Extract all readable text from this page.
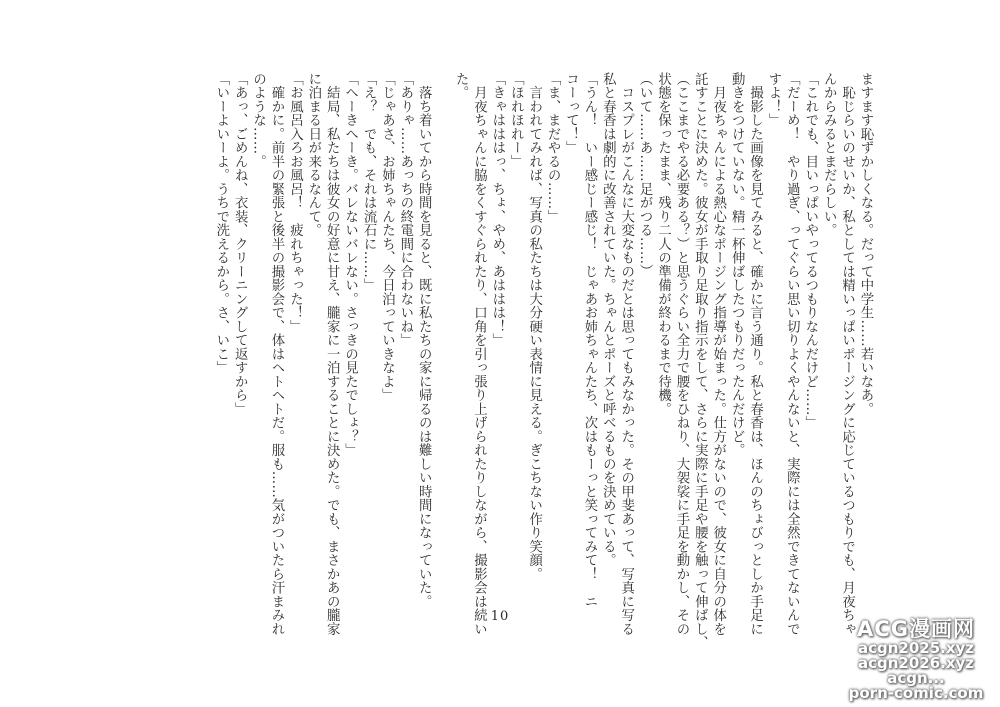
ますます恥ずかしくなる。だって中学生……若いなあ。
　恥じらいのせいか、私としては精いっぱいポージングに応じているつもりでも、月夜ちゃ
んからみるとまだらしい。
「これでも、目いっぱいやってるつもりなんだけど……」
「だーめ！　やり過ぎ、ってぐらい思い切りよくやんないと、実際には全然できてないんで
すよ！」
　撮影した画像を見てみると、確かに言う通り。私と春香は、ほんのちょびっとしか手足に
動きをつけていない。精一杯伸ばしたつもりだったんだけど。
　月夜ちゃんによる熱心なポージング指導が始まった。仕方がないので、彼女に自分の体を
託すことに決めた。彼女が手取り足取り指示をして、さらに実際に手足や腰を触って伸ばし、
（ここまでやる必要ある？）と思うぐらい全力で腰をひねり、大袈裟に手足を動かし、その
状態を保ったまま、残り二人の準備が終わるまで待機。
（いて……あ……足がつる……）
　コスプレがこんなに大変なものだとは思ってもみなかった。その甲斐あって、写真に写る
私と春香は劇的に改善されていた。ちゃんとポーズと呼べるものを決めている。
「うん！　いー感じー感じ！　じゃあお姉ちゃんたち、次はもーっと笑ってみて！　ニ
コーって！」
「ま、まだやるの……」
　言われてみれば、写真の私たちは大分硬い表情に見える。ぎこちない作り笑顔。
「ほれほれー」
「きゃはははっ、ちょ、やめ、あははは！」
　月夜ちゃんに脇をくすぐられたり、口角を引っ張り上げられたりしながら、撮影会は続い
た。
　落ち着いてから時間を見ると、既に私たちの家に帰るのは難しい時間になっていた。
「ありゃ……あっちの終電間に合わないね」
「じゃあさ、お姉ちゃんたち、今日泊っていきなよ」
「え？　でも、それは流石に……」
「へーきへーき。バレないバレない。さっきの見たでしょ？」
　結局、私たちは彼女の好意に甘え、朧家に一泊することに決めた。でも、まさかあの朧家
に泊まる日が来るなんて。
「お風呂入ろお風呂！　疲れちゃった！」
　確かに。前半の緊張と後半の撮影会で、体はヘトヘトだ。服も……気がついたら汗まみれ
のような……。
「あっ、ごめんね、衣装、クリーニングして返すから」
「いーよいーよ。うちで洗えるから。さ、いこ」
10
ACG漫画网
acgn2025.xyz
acgn2026.xyz
acgn...
porn-comic.com
